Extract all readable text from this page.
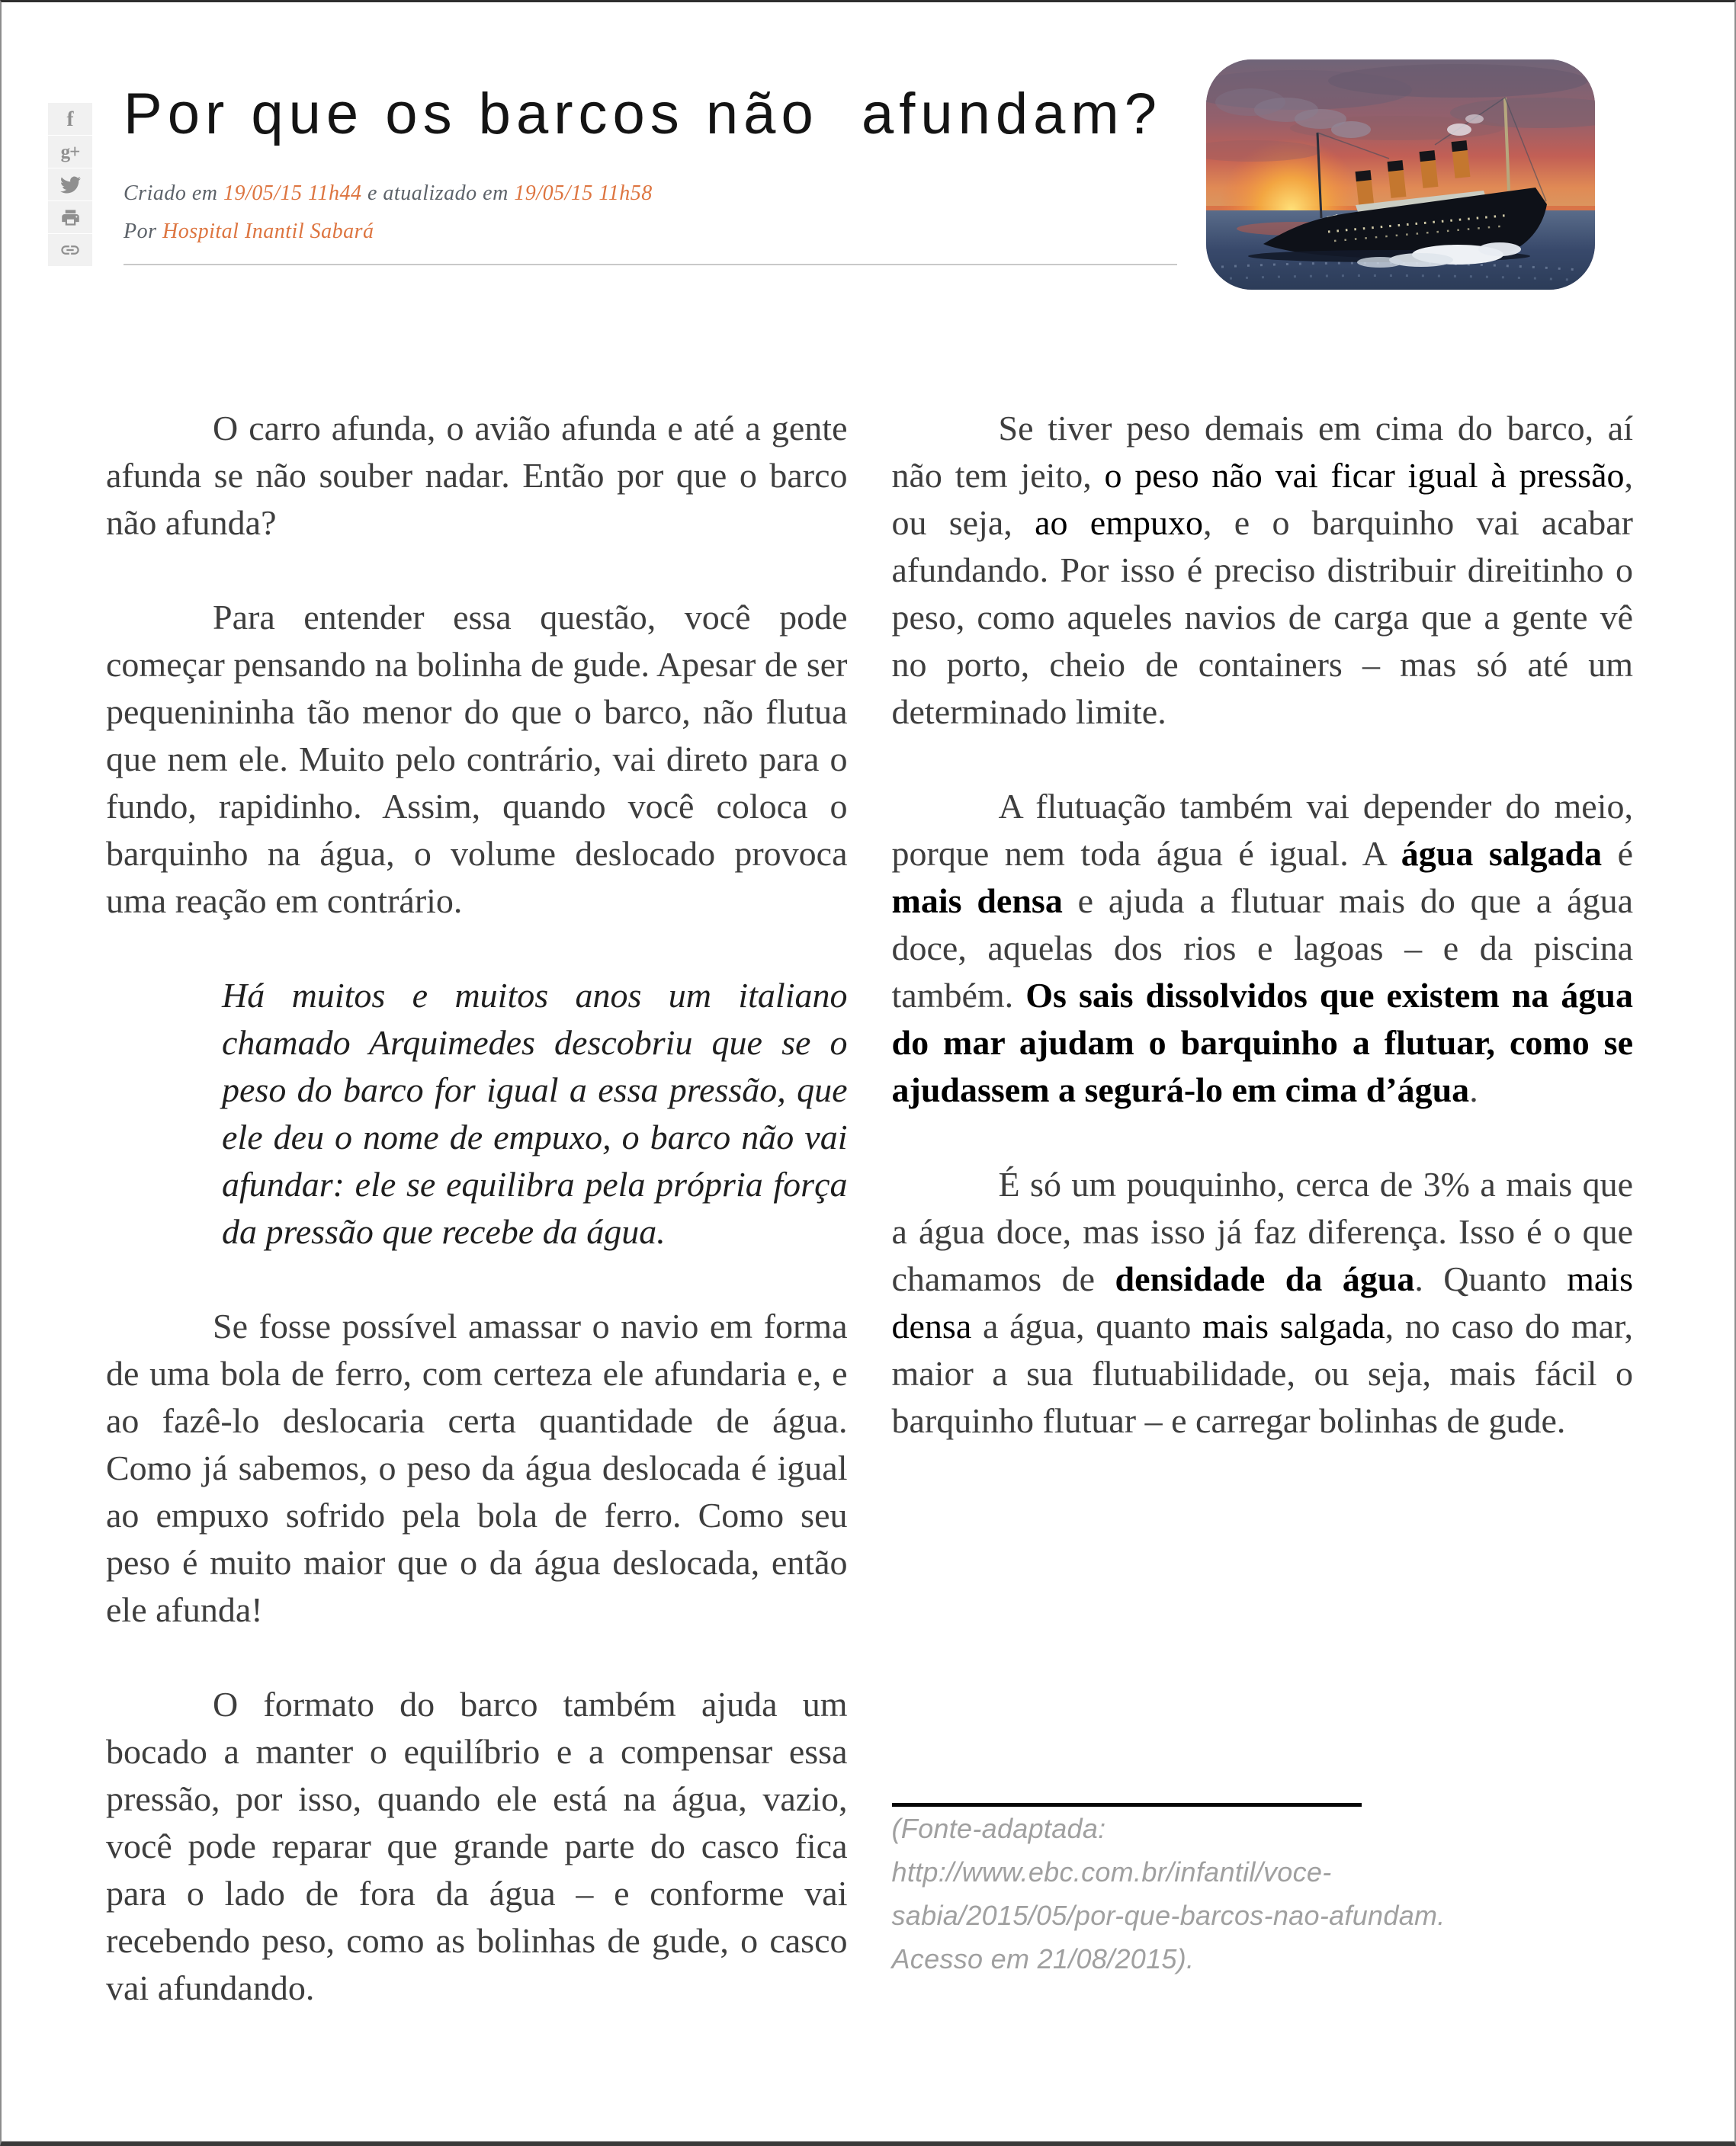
f
g+
Por que os barcos não  afundam?

Criado em 19/05/15 11h44 e atualizado em 19/05/15 11h58

Por Hospital Inantil Sabará

O carro afunda, o avião afunda e até a gente afunda se não souber nadar. Então por que o barco não afunda?

Para entender essa questão, você pode começar pensando na bolinha de gude. Apesar de ser pequenininha tão menor do que o barco, não flutua que nem ele. Muito pelo contrário, vai direto para o fundo, rapidinho. Assim, quando você coloca o barquinho na água, o volume deslocado provoca uma reação em contrário.

Há muitos e muitos anos um italiano chamado Arquimedes descobriu que se o peso do barco for igual a essa pressão, que ele deu o nome de empuxo, o barco não vai afundar: ele se equilibra pela própria força da pressão que recebe da água.

Se fosse possível amassar o navio em forma de uma bola de ferro, com certeza ele afundaria e, e ao fazê-lo deslocaria certa quantidade de água. Como já sabemos, o peso da água deslocada é igual ao empuxo sofrido pela bola de ferro. Como seu peso é muito maior que o da água deslocada, então ele afunda!

O formato do barco também ajuda um bocado a manter o equilíbrio e a compensar essa pressão, por isso, quando ele está na água, vazio, você pode reparar que grande parte do casco fica para o lado de fora da água – e conforme vai recebendo peso, como as bolinhas de gude, o casco vai afundando.

Se tiver peso demais em cima do barco, aí não tem jeito, o peso não vai ficar igual à pressão, ou seja, ao empuxo, e o barquinho vai acabar afundando. Por isso é preciso distribuir direitinho o peso, como aqueles navios de carga que a gente vê no porto, cheio de containers – mas só até um determinado limite.

A flutuação também vai depender do meio, porque nem toda água é igual. A água salgada é mais densa e ajuda a flutuar mais do que a água doce, aquelas dos rios e lagoas – e da piscina também. Os sais dissolvidos que existem na água do mar ajudam o barquinho a flutuar, como se ajudassem a segurá-lo em cima d’água.

É só um pouquinho, cerca de 3% a mais que a água doce, mas isso já faz diferença. Isso é o que chamamos de densidade da água. Quanto mais densa a água, quanto mais salgada, no caso do mar, maior a sua flutuabilidade, ou seja, mais fácil o barquinho flutuar – e carregar bolinhas de gude.

(Fonte-adaptada: http://www.ebc.com.br/infantil/voce-sabia/2015/05/por-que-barcos-nao-afundam. Acesso em 21/08/2015).
